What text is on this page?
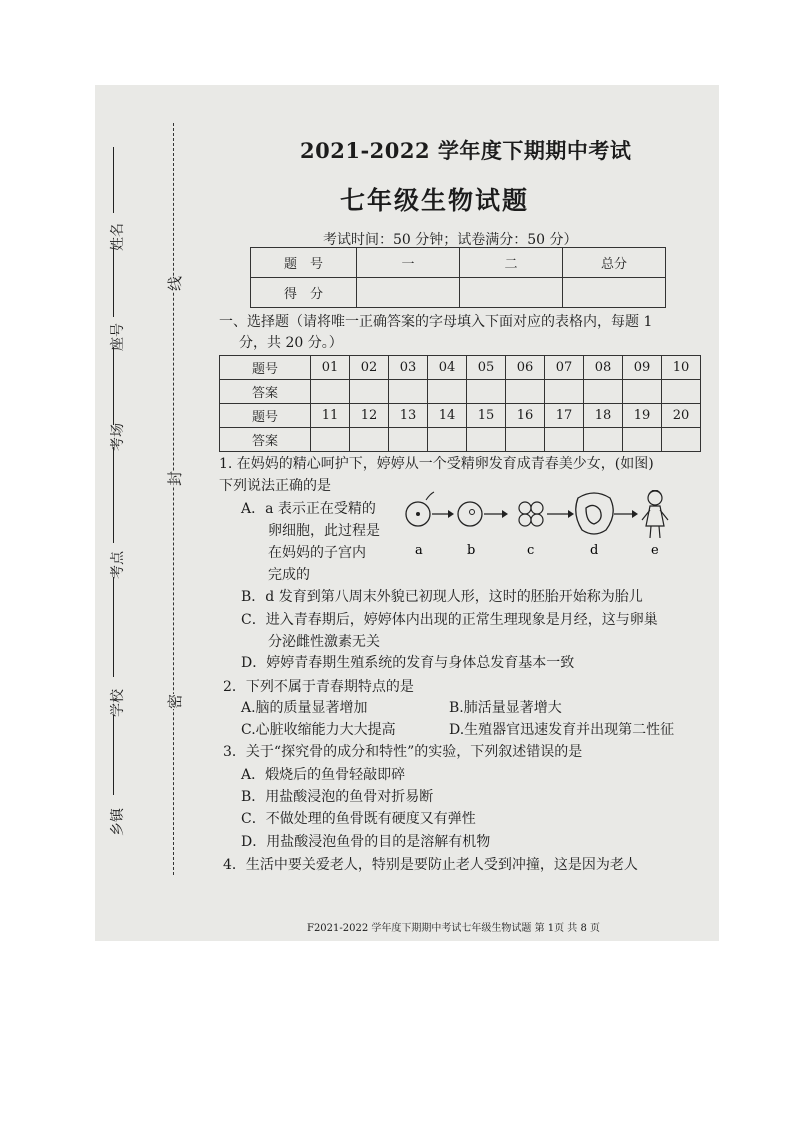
姓名
座号
考场
考点
学校
乡镇
线
封
密
2021-2022 学年度下期期中考试
七年级生物试题
考试时间：50 分钟；试卷满分：50 分）
题　号	一	二	总分
得　分			
一、选择题（请将唯一正确答案的字母填入下面对应的表格内，每题 1
分，共 20 分。）
题号	01	02	03	04	05	06	07	08	09	10
答案										
题号	11	12	13	14	15	16	17	18	19	20
答案										
1. 在妈妈的精心呵护下，婷婷从一个受精卵发育成青春美少女，(如图)
下列说法正确的是
A．a 表示正在受精的
卵细胞，此过程是
在妈妈的子宫内
完成的
a	b	c	d	e
B．d 发育到第八周末外貌已初现人形，这时的胚胎开始称为胎儿
C．进入青春期后，婷婷体内出现的正常生理现象是月经，这与卵巢
分泌雌性激素无关
D．婷婷青春期生殖系统的发育与身体总发育基本一致
2．下列不属于青春期特点的是
A.脑的质量显著增加	B.肺活量显著增大
C.心脏收缩能力大大提高	D.生殖器官迅速发育并出现第二性征
3．关于“探究骨的成分和特性”的实验，下列叙述错误的是
A．煅烧后的鱼骨轻敲即碎
B．用盐酸浸泡的鱼骨对折易断
C．不做处理的鱼骨既有硬度又有弹性
D．用盐酸浸泡鱼骨的目的是溶解有机物
4．生活中要关爱老人，特别是要防止老人受到冲撞，这是因为老人
F2021-2022 学年度下期期中考试七年级生物试题 第 1页 共 8 页
